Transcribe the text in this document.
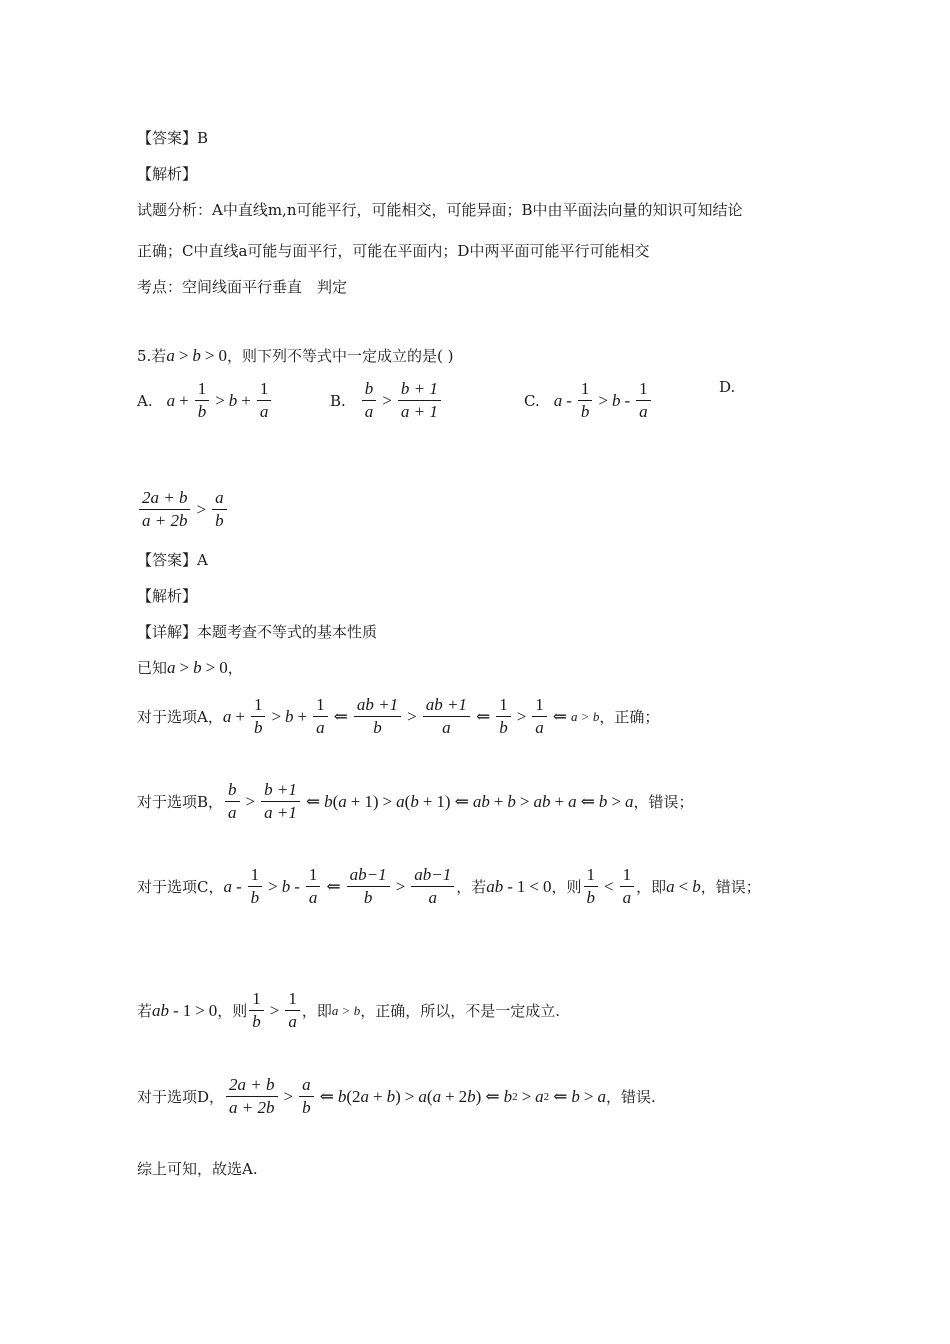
【答案】B
【解析】
试题分析：A中直线m,n可能平行，可能相交，可能异面；B中由平面法向量的知识可知结论
正确；C中直线a可能与面平行，可能在平面内；D中两平面可能平行可能相交
考点：空间线面平行垂直　判定
5.若a > b > 0，则下列不等式中一定成立的是( )
A. $a + \frac{1}{b} > b + \frac{1}{a}$	B. $\frac{b}{a} > \frac{b + 1}{a + 1}$	C. $a - \frac{1}{b} > b - \frac{1}{a}$	D.
$\frac{2a + b}{a + 2b} > \frac{a}{b}$
【答案】A
【解析】
【详解】本题考查不等式的基本性质
已知a > b > 0，
对于选项A， $a + \frac{1}{b} > b + \frac{1}{a}$ ⇐ $\frac{ab +1}{b} > \frac{ab +1}{a}$ ⇐ $\frac{1}{b} > \frac{1}{a}$ ⇐ a > b ，正确；
对于选项B， $\frac{b}{a} > \frac{b +1}{a +1}$ ⇐ b ( a + 1) > a ( b + 1) ⇐ ab + b > ab + a ⇐ b > a ，错误；
对于选项C， $a - \frac{1}{b} > b - \frac{1}{a}$ ⇐ $\frac{ab-1}{b} > \frac{ab-1}{a}$ ，若 ab - 1 < 0 ，则 $\frac{1}{b} < \frac{1}{a}$ ，即 a < b ，错误；
若 ab - 1 > 0 ，则 $\frac{1}{b} > \frac{1}{a}$ ，即 a > b ，正确，所以，不是一定成立.
对于选项D， $\frac{2a + b}{a + 2b} > \frac{a}{b}$ ⇐ b (2 a + b ) > a ( a + 2 b ) ⇐ b 2 > a 2 ⇐ b > a ，错误.
综上可知，故选A.
